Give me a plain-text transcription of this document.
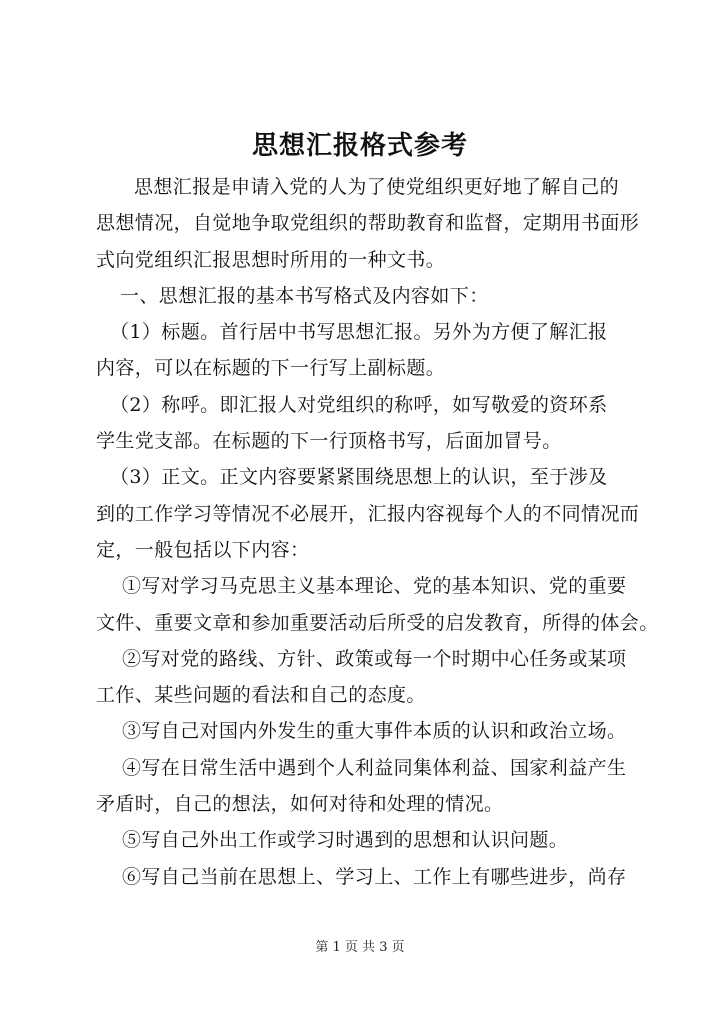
思想汇报格式参考
思想汇报是申请入党的人为了使党组织更好地了解自己的
思想情况，自觉地争取党组织的帮助教育和监督，定期用书面形
式向党组织汇报思想时所用的一种文书。
一、思想汇报的基本书写格式及内容如下：
（1）标题。首行居中书写思想汇报。另外为方便了解汇报
内容，可以在标题的下一行写上副标题。
（2）称呼。即汇报人对党组织的称呼，如写敬爱的资环系
学生党支部。在标题的下一行顶格书写，后面加冒号。
（3）正文。正文内容要紧紧围绕思想上的认识，至于涉及
到的工作学习等情况不必展开，汇报内容视每个人的不同情况而
定，一般包括以下内容：
①写对学习马克思主义基本理论、党的基本知识、党的重要
文件、重要文章和参加重要活动后所受的启发教育，所得的体会。
②写对党的路线、方针、政策或每一个时期中心任务或某项
工作、某些问题的看法和自己的态度。
③写自己对国内外发生的重大事件本质的认识和政治立场。
④写在日常生活中遇到个人利益同集体利益、国家利益产生
矛盾时，自己的想法，如何对待和处理的情况。
⑤写自己外出工作或学习时遇到的思想和认识问题。
⑥写自己当前在思想上、学习上、工作上有哪些进步，尚存
第 1 页 共 3 页
